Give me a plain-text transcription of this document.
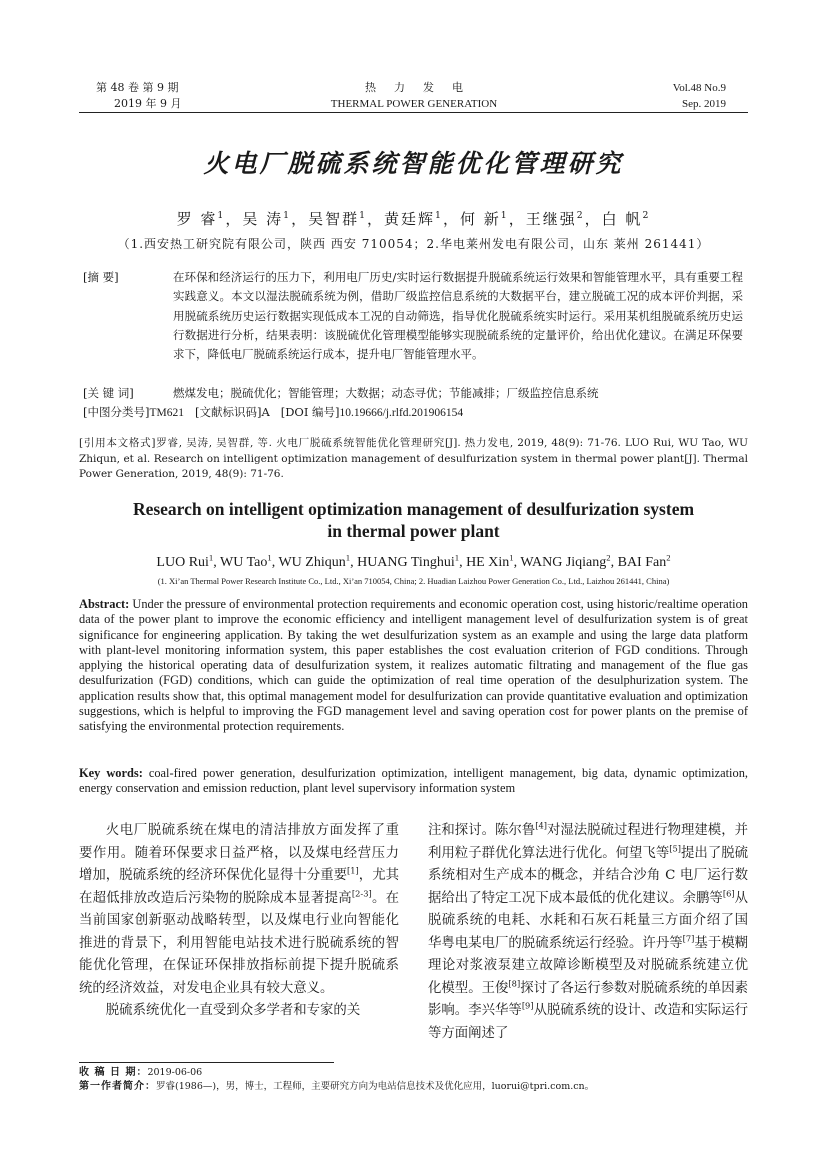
第 48 卷 第 9 期
2019 年 9 月
热力发电
THERMAL POWER GENERATION
Vol.48 No.9
Sep. 2019
火电厂脱硫系统智能优化管理研究
罗 睿$^1$，吴 涛$^1$，吴智群$^1$，黄廷辉$^1$，何 新$^1$，王继强$^2$，白 帆$^2$
（1.西安热工研究院有限公司，陕西 西安 710054；2.华电莱州发电有限公司，山东 莱州 261441）
[摘 要]	在环保和经济运行的压力下，利用电厂历史/实时运行数据提升脱硫系统运行效果和智能管理水平，具有重要工程实践意义。本文以湿法脱硫系统为例，借助厂级监控信息系统的大数据平台，建立脱硫工况的成本评价判据，采用脱硫系统历史运行数据实现低成本工况的自动筛选，指导优化脱硫系统实时运行。采用某机组脱硫系统历史运行数据进行分析，结果表明：该脱硫优化管理模型能够实现脱硫系统的定量评价，给出优化建议。在满足环保要求下，降低电厂脱硫系统运行成本，提升电厂智能管理水平。
[关 键 词]	燃煤发电；脱硫优化；智能管理；大数据；动态寻优；节能减排；厂级监控信息系统
[中图分类号]TM621 [文献标识码]A [DOI 编号]10.19666/j.rlfd.201906154
[引用本文格式]罗睿, 吴涛, 吴智群, 等. 火电厂脱硫系统智能优化管理研究[J]. 热力发电, 2019, 48(9): 71-76. LUO Rui, WU Tao, WU Zhiqun, et al. Research on intelligent optimization management of desulfurization system in thermal power plant[J]. Thermal Power Generation, 2019, 48(9): 71-76.
Research on intelligent optimization management of desulfurization system
in thermal power plant
LUO Rui$^1$, WU Tao$^1$, WU Zhiqun$^1$, HUANG Tinghui$^1$, HE Xin$^1$, WANG Jiqiang$^2$, BAI Fan$^2$
(1. Xi’an Thermal Power Research Institute Co., Ltd., Xi’an 710054, China; 2. Huadian Laizhou Power Generation Co., Ltd., Laizhou 261441, China)
Abstract: Under the pressure of environmental protection requirements and economic operation cost, using historic/realtime operation data of the power plant to improve the economic efficiency and intelligent management level of desulfurization system is of great significance for engineering application. By taking the wet desulfurization system as an example and using the large data platform with plant-level monitoring information system, this paper establishes the cost evaluation criterion of FGD conditions. Through applying the historical operating data of desulfurization system, it realizes automatic filtrating and management of the flue gas desulfurization (FGD) conditions, which can guide the optimization of real time operation of the desulphurization system. The application results show that, this optimal management model for desulfurization can provide quantitative evaluation and optimization suggestions, which is helpful to improving the FGD management level and saving operation cost for power plants on the premise of satisfying the environmental protection requirements.
Key words: coal-fired power generation, desulfurization optimization, intelligent management, big data, dynamic optimization, energy conservation and emission reduction, plant level supervisory information system

火电厂脱硫系统在煤电的清洁排放方面发挥了重要作用。随着环保要求日益严格，以及煤电经营压力增加，脱硫系统的经济环保优化显得十分重要[1]，尤其在超低排放改造后污染物的脱除成本显著提高[2-3]。在当前国家创新驱动战略转型，以及煤电行业向智能化推进的背景下，利用智能电站技术进行脱硫系统的智能优化管理，在保证环保排放指标前提下提升脱硫系统的经济效益，对发电企业具有较大意义。

脱硫系统优化一直受到众多学者和专家的关

注和探讨。陈尔鲁[4]对湿法脱硫过程进行物理建模，并利用粒子群优化算法进行优化。何望飞等[5]提出了脱硫系统相对生产成本的概念，并结合沙角 C 电厂运行数据给出了特定工况下成本最低的优化建议。余鹏等[6]从脱硫系统的电耗、水耗和石灰石耗量三方面介绍了国华粤电某电厂的脱硫系统运行经验。许丹等[7]基于模糊理论对浆液泵建立故障诊断模型及对脱硫系统建立优化模型。王俊[8]探讨了各运行参数对脱硫系统的单因素影响。李兴华等[9]从脱硫系统的设计、改造和实际运行等方面阐述了

收 稿 日 期：2019-06-06
第一作者简介：罗睿(1986—)，男，博士，工程师，主要研究方向为电站信息技术及优化应用，luorui@tpri.com.cn。
